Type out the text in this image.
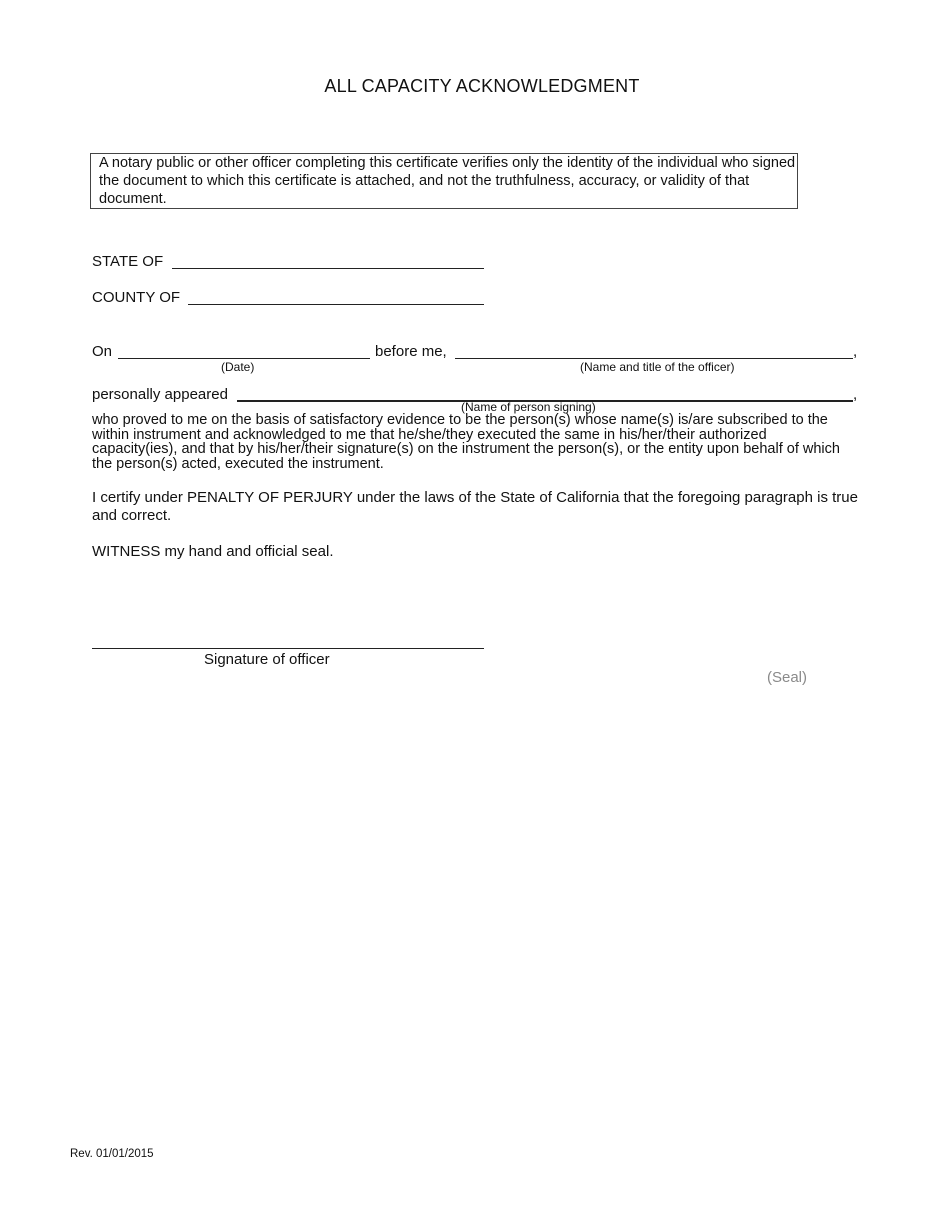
ALL CAPACITY ACKNOWLEDGMENT
A notary public or other officer completing this certificate verifies only the identity of the individual who signed the document to which this certificate is attached, and not the truthfulness, accuracy, or validity of that document.
STATE OF
COUNTY OF
On	before me,	,
(Date)	(Name and title of the officer)
personally appeared	,
(Name of person signing)
who proved to me on the basis of satisfactory evidence to be the person(s) whose name(s) is/are subscribed to the within instrument and acknowledged to me that he/she/they executed the same in his/her/their authorized capacity(ies), and that by his/her/their signature(s) on the instrument the person(s), or the entity upon behalf of which the person(s) acted, executed the instrument.
I certify under PENALTY OF PERJURY under the laws of the State of California that the foregoing paragraph is true and correct.
WITNESS my hand and official seal.
Signature of officer
(Seal)
Rev. 01/01/2015
